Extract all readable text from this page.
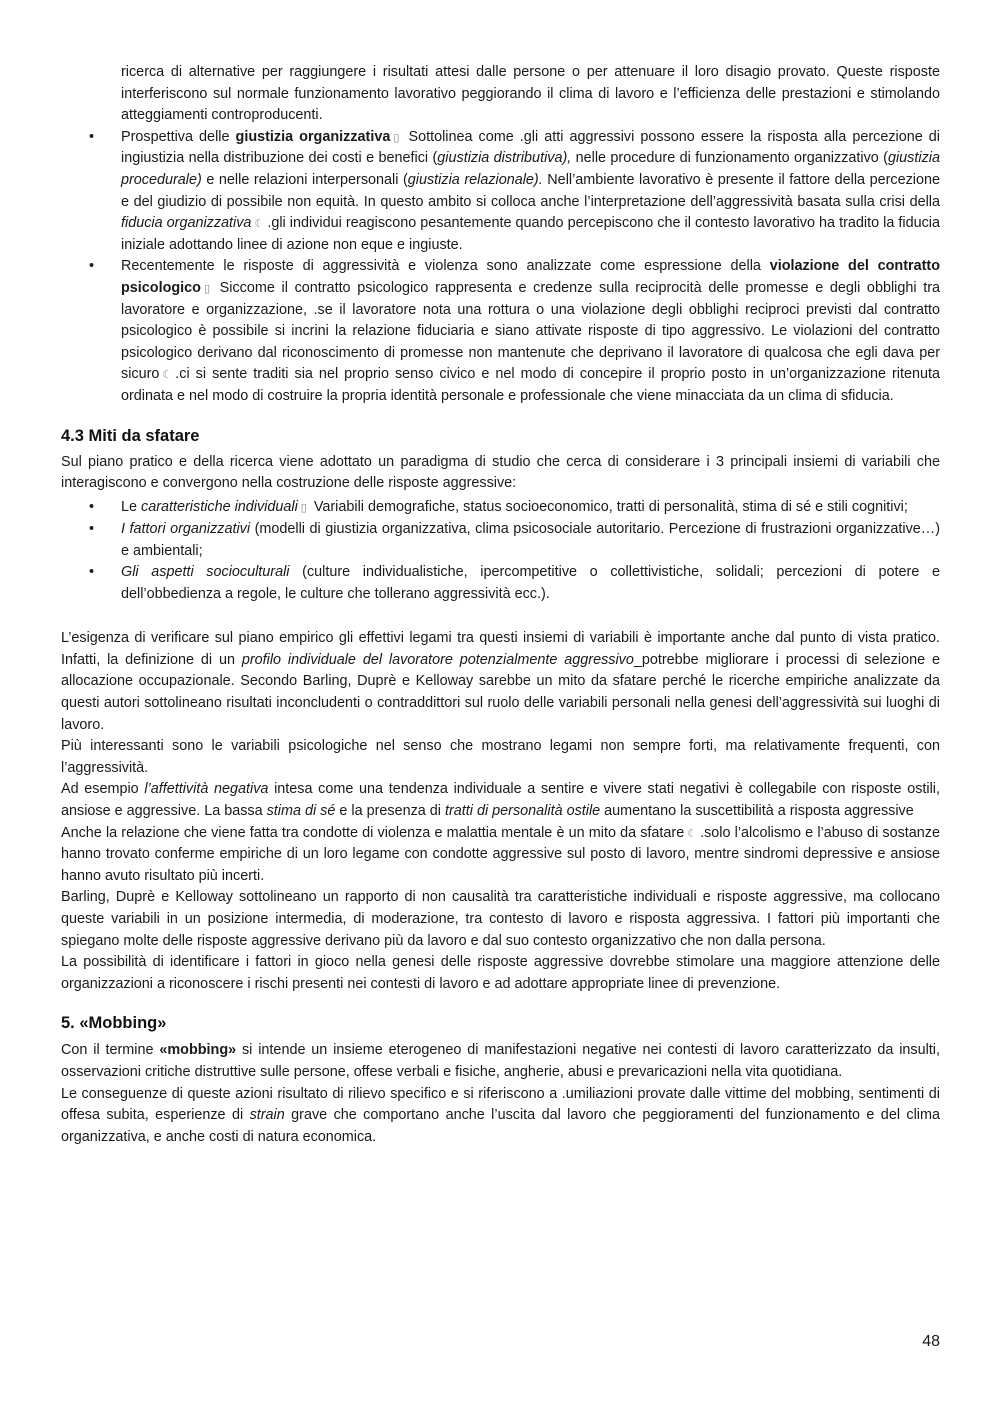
ricerca di alternative per raggiungere i risultati attesi dalle persone o per attenuare il loro disagio provato. Queste risposte interferiscono sul normale funzionamento lavorativo peggiorando il clima di lavoro e l’efficienza delle prestazioni e stimolando atteggiamenti controproducenti.

• Prospettiva delle giustizia organizzativa ▯ Sottolinea come .gli atti aggressivi possono essere la risposta alla percezione di ingiustizia nella distribuzione dei costi e benefici (giustizia distributiva), nelle procedure di funzionamento organizzativo (giustizia procedurale) e nelle relazioni interpersonali (giustizia relazionale). Nell’ambiente lavorativo è presente il fattore della percezione e del giudizio di possibile non equità. In questo ambito si colloca anche l’interpretazione dell’aggressività basata sulla crisi della fiducia organizzativa ☾ .gli individui reagiscono pesantemente quando percepiscono che il contesto lavorativo ha tradito la fiducia iniziale adottando linee di azione non eque e ingiuste.
• Recentemente le risposte di aggressività e violenza sono analizzate come espressione della violazione del contratto psicologico ▯ Siccome il contratto psicologico rappresenta e credenze sulla reciprocità delle promesse e degli obblighi tra lavoratore e organizzazione, .se il lavoratore nota una rottura o una violazione degli obblighi reciproci previsti dal contratto psicologico è possibile si incrini la relazione fiduciaria e siano attivate risposte di tipo aggressivo. Le violazioni del contratto psicologico derivano dal riconoscimento di promesse non mantenute che deprivano il lavoratore di qualcosa che egli dava per sicuro ☾ .ci si sente traditi sia nel proprio senso civico e nel modo di concepire il proprio posto in un’organizzazione ritenuta ordinata e nel modo di costruire la propria identità personale e professionale che viene minacciata da un clima di sfiducia.
4.3 Miti da sfatare

Sul piano pratico e della ricerca viene adottato un paradigma di studio che cerca di considerare i 3 principali insiemi di variabili che interagiscono e convergono nella costruzione delle risposte aggressive:

• Le caratteristiche individuali ▯ Variabili demografiche, status socioeconomico, tratti di personalità, stima di sé e stili cognitivi;
• I fattori organizzativi (modelli di giustizia organizzativa, clima psicosociale autoritario. Percezione di frustrazioni organizzative…) e ambientali;
• Gli aspetti socioculturali (culture individualistiche, ipercompetitive o collettivistiche, solidali; percezioni di potere e dell’obbedienza a regole, le culture che tollerano aggressività ecc.).

L’esigenza di verificare sul piano empirico gli effettivi legami tra questi insiemi di variabili è importante anche dal punto di vista pratico. Infatti, la definizione di un profilo individuale del lavoratore potenzialmente aggressivo_potrebbe migliorare i processi di selezione e allocazione occupazionale. Secondo Barling, Duprè e Kelloway sarebbe un mito da sfatare perché le ricerche empiriche analizzate da questi autori sottolineano risultati inconcludenti o contraddittori sul ruolo delle variabili personali nella genesi dell’aggressività sui luoghi di lavoro.

Più interessanti sono le variabili psicologiche nel senso che mostrano legami non sempre forti, ma relativamente frequenti, con l’aggressività.

Ad esempio l’affettività negativa intesa come una tendenza individuale a sentire e vivere stati negativi è collegabile con risposte ostili, ansiose e aggressive. La bassa stima di sé e la presenza di tratti di personalità ostile aumentano la suscettibilità a risposta aggressive

Anche la relazione che viene fatta tra condotte di violenza e malattia mentale è un mito da sfatare ☾ .solo l’alcolismo e l’abuso di sostanze hanno trovato conferme empiriche di un loro legame con condotte aggressive sul posto di lavoro, mentre sindromi depressive e ansiose hanno avuto risultato più incerti.

Barling, Duprè e Kelloway sottolineano un rapporto di non causalità tra caratteristiche individuali e risposte aggressive, ma collocano queste variabili in un posizione intermedia, di moderazione, tra contesto di lavoro e risposta aggressiva. I fattori più importanti che spiegano molte delle risposte aggressive derivano più da lavoro e dal suo contesto organizzativo che non dalla persona.

La possibilità di identificare i fattori in gioco nella genesi delle risposte aggressive dovrebbe stimolare una maggiore attenzione delle organizzazioni a riconoscere i rischi presenti nei contesti di lavoro e ad adottare appropriate linee di prevenzione.

5. «Mobbing»

Con il termine «mobbing» si intende un insieme eterogeneo di manifestazioni negative nei contesti di lavoro caratterizzato da insulti, osservazioni critiche distruttive sulle persone, offese verbali e fisiche, angherie, abusi e prevaricazioni nella vita quotidiana.

Le conseguenze di queste azioni risultato di rilievo specifico e si riferiscono a .umiliazioni provate dalle vittime del mobbing, sentimenti di offesa subita, esperienze di strain grave che comportano anche l’uscita dal lavoro che peggioramenti del funzionamento e del clima organizzativa, e anche costi di natura economica.

48
